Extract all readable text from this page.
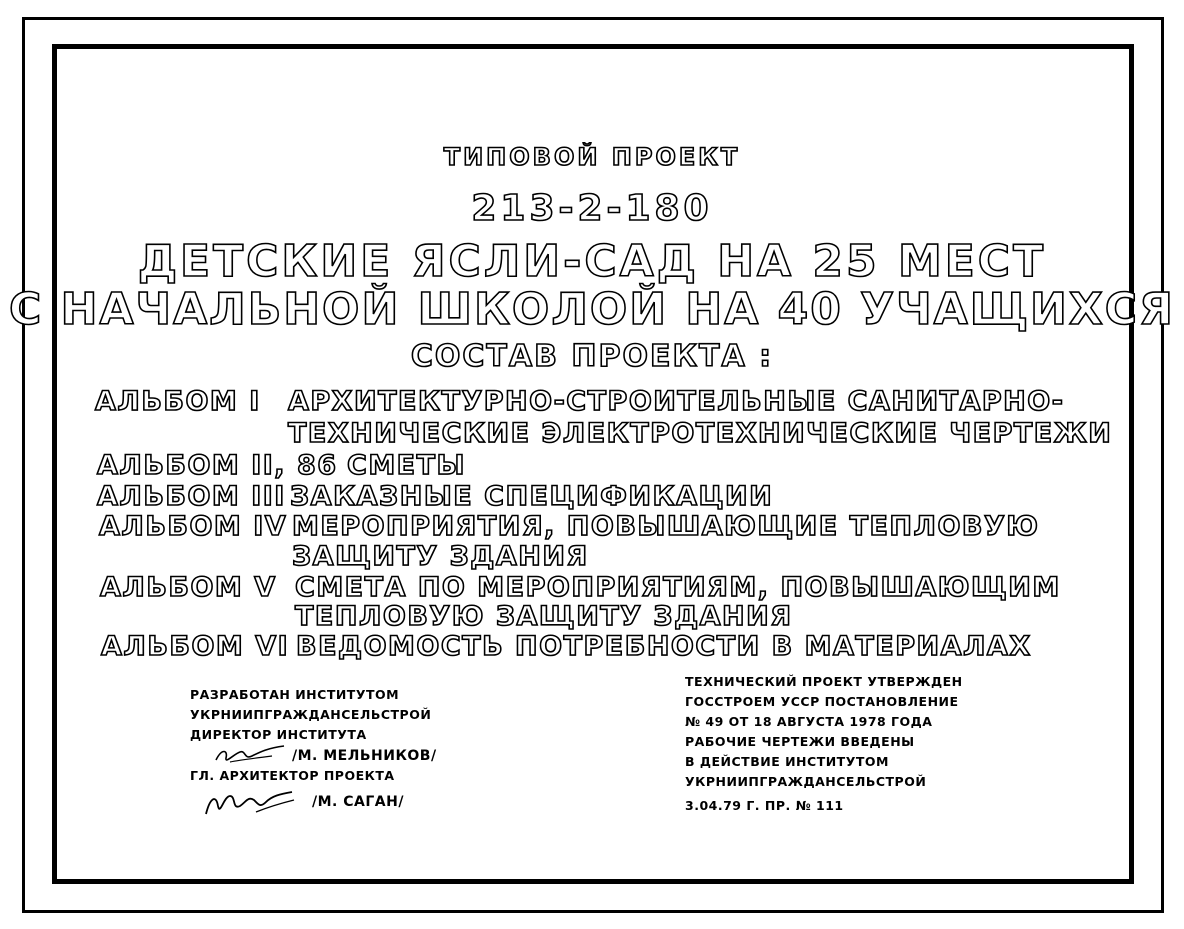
ТИПОВОЙ ПРОЕКТ
213-2-180
ДЕТСКИЕ ЯСЛИ-САД НА 25 МЕСТ
С НАЧАЛЬНОЙ ШКОЛОЙ НА 40 УЧАЩИХСЯ
СОСТАВ ПРОЕКТА :
АЛЬБОМ I АРХИТЕКТУРНО-СТРОИТЕЛЬНЫЕ САНИТАРНО-
ТЕХНИЧЕСКИЕ ЭЛЕКТРОТЕХНИЧЕСКИЕ ЧЕРТЕЖИ
АЛЬБОМ II, 86 СМЕТЫ
АЛЬБОМ III ЗАКАЗНЫЕ СПЕЦИФИКАЦИИ
АЛЬБОМ IV МЕРОПРИЯТИЯ, ПОВЫШАЮЩИЕ ТЕПЛОВУЮ
ЗАЩИТУ ЗДАНИЯ
АЛЬБОМ V СМЕТА ПО МЕРОПРИЯТИЯМ, ПОВЫШАЮЩИМ
ТЕПЛОВУЮ ЗАЩИТУ ЗДАНИЯ
АЛЬБОМ VI ВЕДОМОСТЬ ПОТРЕБНОСТИ В МАТЕРИАЛАХ
РАЗРАБОТАН ИНСТИТУТОМ
УКРНИИПГРАЖДАНСЕЛЬСТРОЙ
ДИРЕКТОР ИНСТИТУТА
/М. МЕЛЬНИКОВ/
ГЛ. АРХИТЕКТОР ПРОЕКТА
/М. САГАН/
ТЕХНИЧЕСКИЙ ПРОЕКТ УТВЕРЖДЕН
ГОССТРОЕМ УССР ПОСТАНОВЛЕНИЕ
№ 49 ОТ 18 АВГУСТА 1978 ГОДА
РАБОЧИЕ ЧЕРТЕЖИ ВВЕДЕНЫ
В ДЕЙСТВИЕ ИНСТИТУТОМ
УКРНИИПГРАЖДАНСЕЛЬСТРОЙ
3.04.79 Г. ПР. № 111
